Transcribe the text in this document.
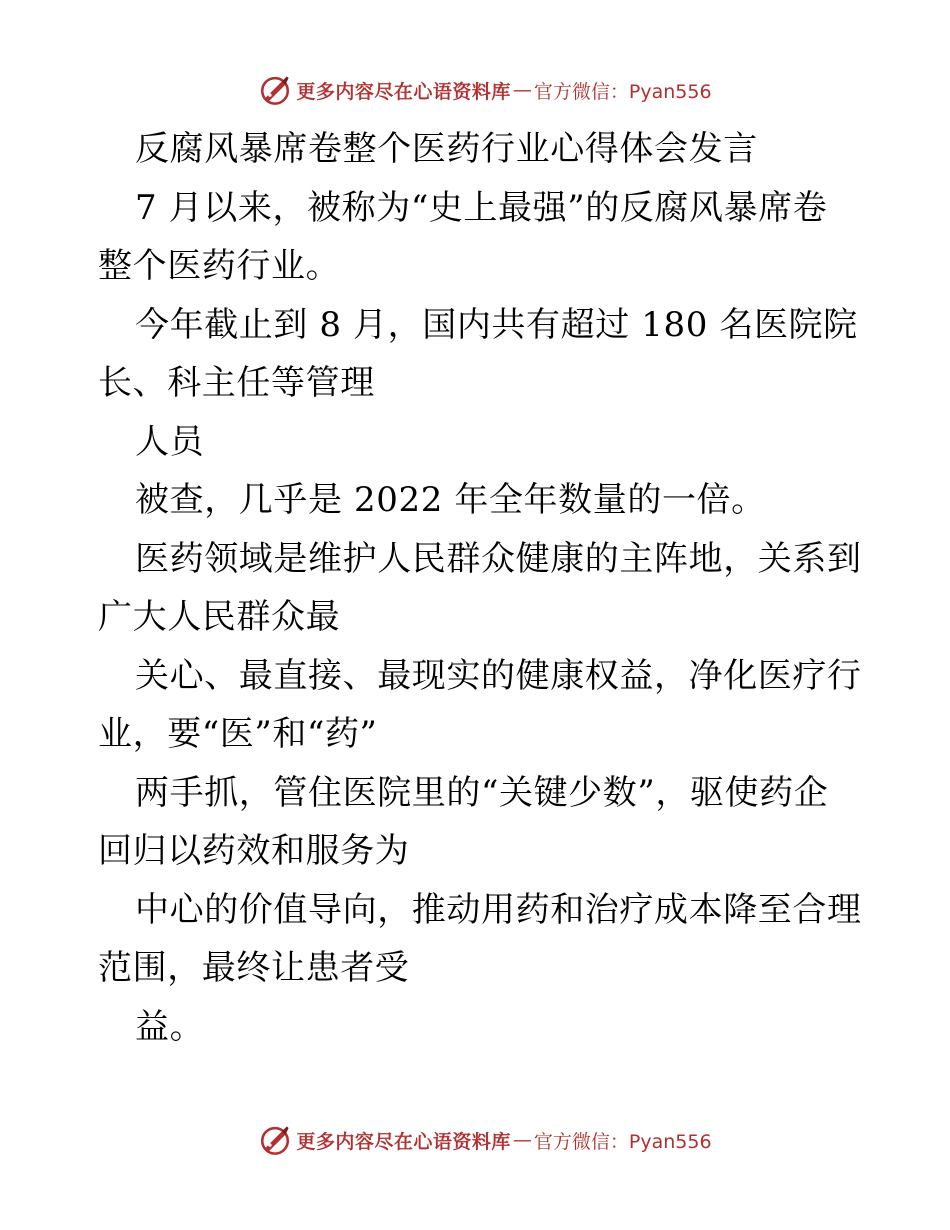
更多内容尽在心语资料库 — 官方微信：Pyan556
反腐风暴席卷整个医药行业心得体会发言
7 月以来，被称为“史上最强”的反腐风暴席卷
整个医药行业。
今年截止到 8 月，国内共有超过 180 名医院院
长、科主任等管理
人员
被查，几乎是 2022 年全年数量的一倍。
医药领域是维护人民群众健康的主阵地，关系到
广大人民群众最
关心、最直接、最现实的健康权益，净化医疗行
业，要“医”和“药”
两手抓，管住医院里的“关键少数”，驱使药企
回归以药效和服务为
中心的价值导向，推动用药和治疗成本降至合理
范围，最终让患者受
益。
更多内容尽在心语资料库 — 官方微信：Pyan556
